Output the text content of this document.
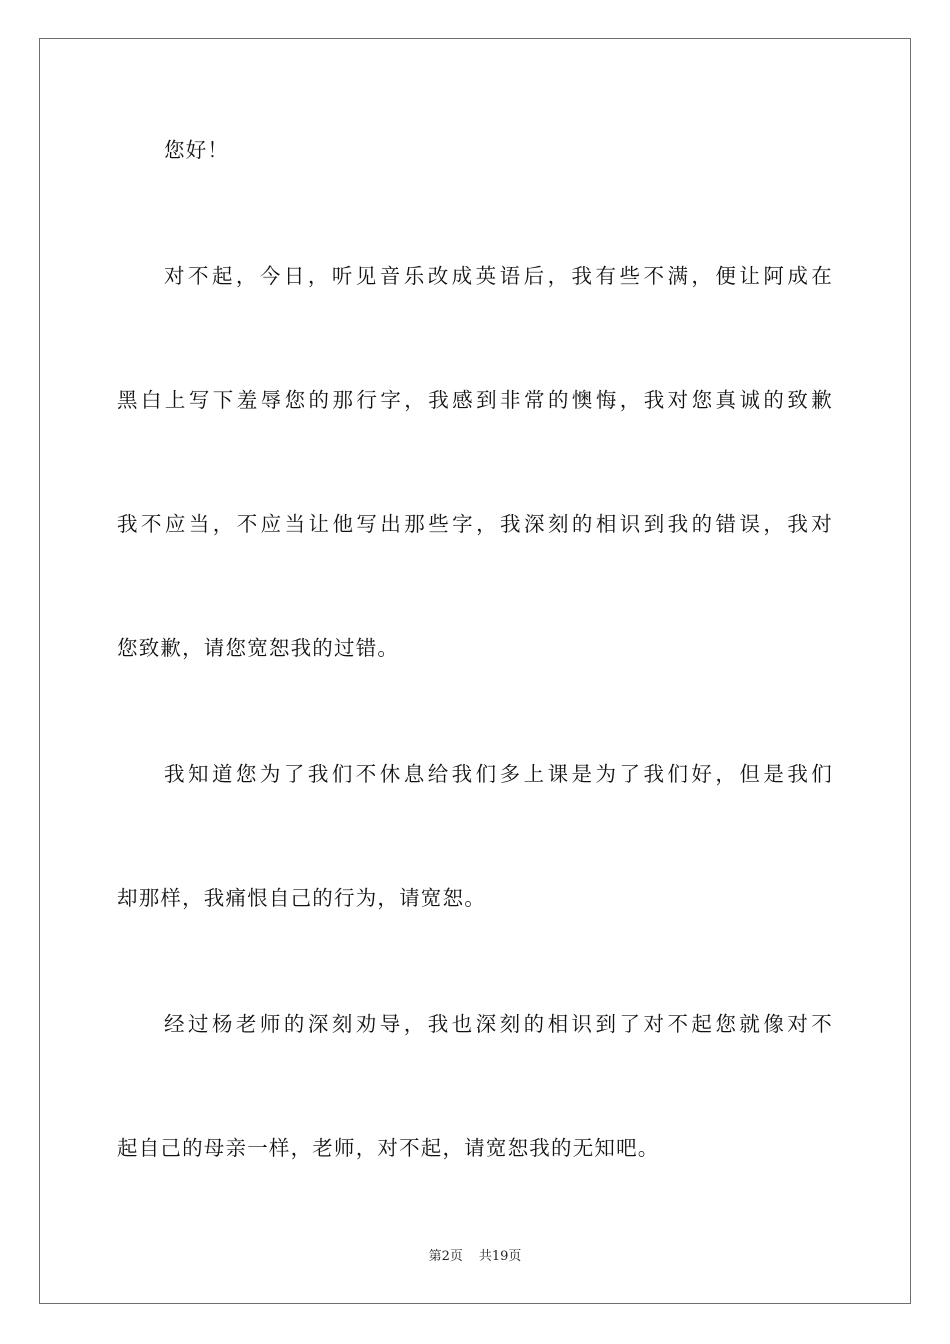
您好！
对不起，今日，听见音乐改成英语后，我有些不满，便让阿成在
黑白上写下羞辱您的那行字，我感到非常的懊悔，我对您真诚的致歉
我不应当，不应当让他写出那些字，我深刻的相识到我的错误，我对
您致歉，请您宽恕我的过错。
我知道您为了我们不休息给我们多上课是为了我们好，但是我们
却那样，我痛恨自己的行为，请宽恕。
经过杨老师的深刻劝导，我也深刻的相识到了对不起您就像对不
起自己的母亲一样，老师，对不起，请宽恕我的无知吧。
第2页 共19页
